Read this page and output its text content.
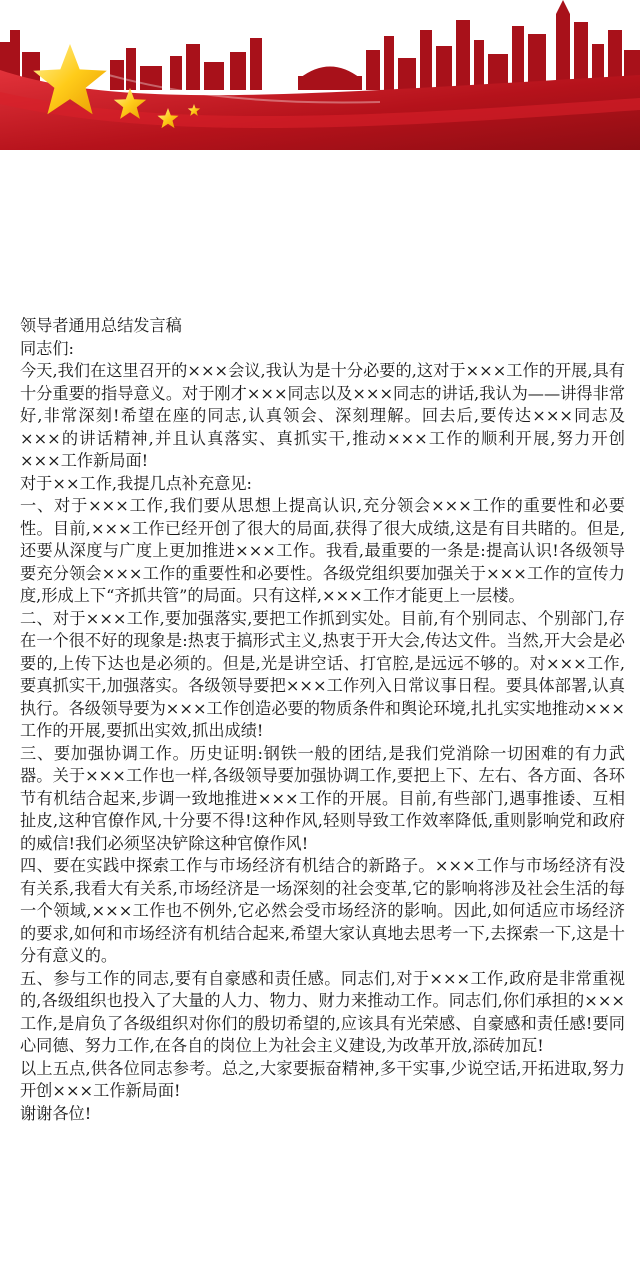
领导者通用总结发言稿

同志们:

今天,我们在这里召开的×××会议,我认为是十分必要的,这对于×××工作的开展,具有十分重要的指导意义。对于刚才×××同志以及×××同志的讲话,我认为——讲得非常好,非常深刻!希望在座的同志,认真领会、深刻理解。回去后,要传达×××同志及×××的讲话精神,并且认真落实、真抓实干,推动×××工作的顺利开展,努力开创×××工作新局面!

对于××工作,我提几点补充意见:

一、对于×××工作,我们要从思想上提高认识,充分领会×××工作的重要性和必要性。目前,×××工作已经开创了很大的局面,获得了很大成绩,这是有目共睹的。但是,还要从深度与广度上更加推进×××工作。我看,最重要的一条是:提高认识!各级领导要充分领会×××工作的重要性和必要性。各级党组织要加强关于×××工作的宣传力度,形成上下“齐抓共管”的局面。只有这样,×××工作才能更上一层楼。

二、对于×××工作,要加强落实,要把工作抓到实处。目前,有个别同志、个别部门,存在一个很不好的现象是:热衷于搞形式主义,热衷于开大会,传达文件。当然,开大会是必要的,上传下达也是必须的。但是,光是讲空话、打官腔,是远远不够的。对×××工作,要真抓实干,加强落实。各级领导要把×××工作列入日常议事日程。要具体部署,认真执行。各级领导要为×××工作创造必要的物质条件和舆论环境,扎扎实实地推动×××工作的开展,要抓出实效,抓出成绩!

三、要加强协调工作。历史证明:钢铁一般的团结,是我们党消除一切困难的有力武器。关于×××工作也一样,各级领导要加强协调工作,要把上下、左右、各方面、各环节有机结合起来,步调一致地推进×××工作的开展。目前,有些部门,遇事推诿、互相扯皮,这种官僚作风,十分要不得!这种作风,轻则导致工作效率降低,重则影响党和政府的威信!我们必须坚决铲除这种官僚作风!

四、要在实践中探索工作与市场经济有机结合的新路子。×××工作与市场经济有没有关系,我看大有关系,市场经济是一场深刻的社会变革,它的影响将涉及社会生活的每一个领域,×××工作也不例外,它必然会受市场经济的影响。因此,如何适应市场经济的要求,如何和市场经济有机结合起来,希望大家认真地去思考一下,去探索一下,这是十分有意义的。

五、参与工作的同志,要有自豪感和责任感。同志们,对于×××工作,政府是非常重视的,各级组织也投入了大量的人力、物力、财力来推动工作。同志们,你们承担的×××工作,是肩负了各级组织对你们的殷切希望的,应该具有光荣感、自豪感和责任感!要同心同德、努力工作,在各自的岗位上为社会主义建设,为改革开放,添砖加瓦!

以上五点,供各位同志参考。总之,大家要振奋精神,多干实事,少说空话,开拓进取,努力开创×××工作新局面!

谢谢各位!
